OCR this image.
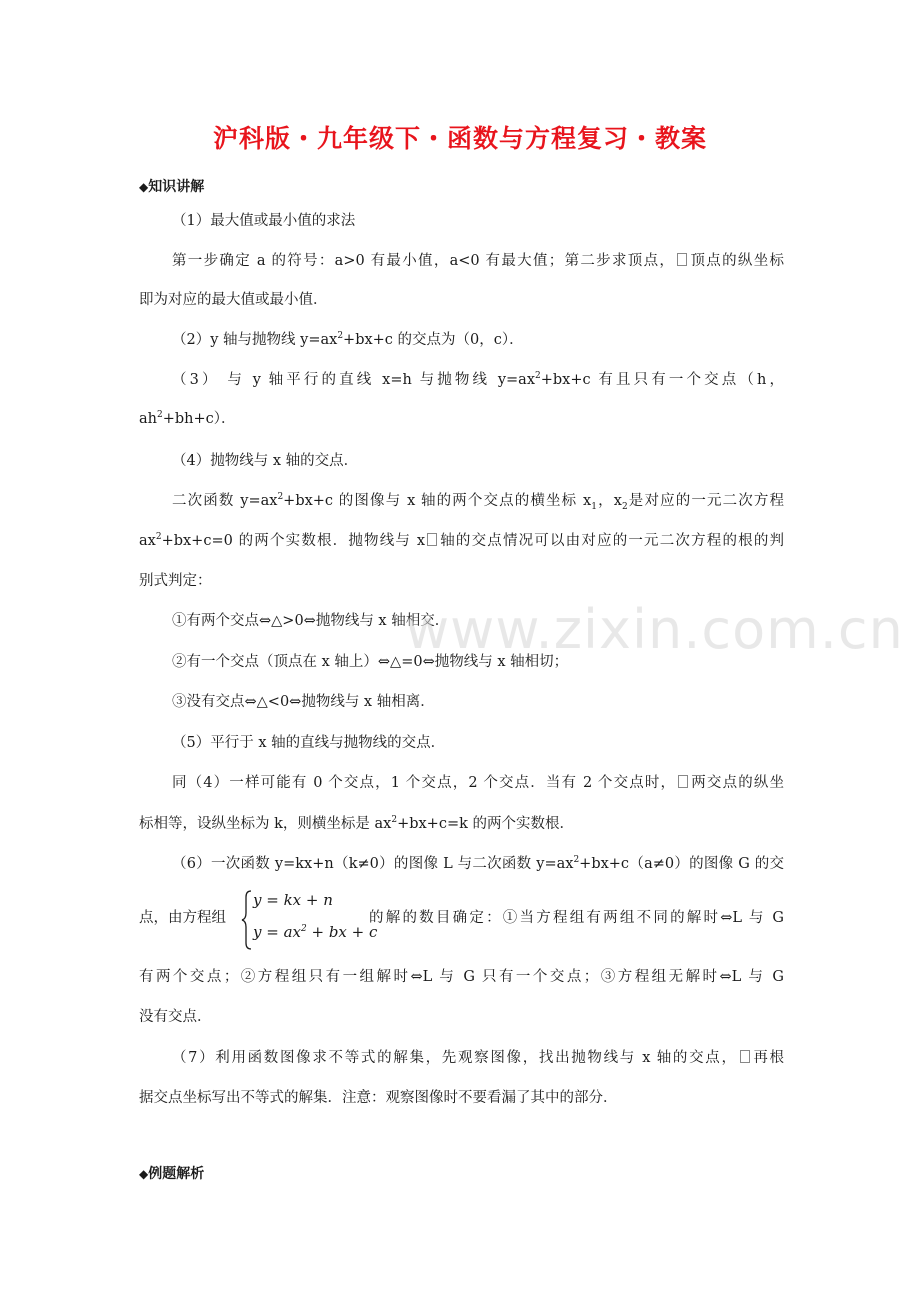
沪科版・九年级下・函数与方程复习・教案
◆知识讲解
（1）最大值或最小值的求法
第一步确定 a 的符号：a>0 有最小值，a<0 有最大值；第二步求顶点， 顶点的纵坐标
即为对应的最大值或最小值．
（2）y 轴与抛物线 $y=ax^2+bx+c$ 的交点为（0，c）．
（3） 与 y 轴平行的直线 x=h 与抛物线 $y=ax^2+bx+c$ 有且只有一个交点（h，
$ah^2+bh+c$）．
（4）抛物线与 x 轴的交点．
二次函数 $y=ax^2+bx+c$ 的图像与 x 轴的两个交点的横坐标 $x_1$，$x_2$是对应的一元二次方程
$ax^2+bx+c=0$ 的两个实数根．抛物线与 x 轴的交点情况可以由对应的一元二次方程的根的判
别式判定：
①有两个交点⇔△>0⇔抛物线与 x 轴相交．
②有一个交点（顶点在 x 轴上）⇔△=0⇔抛物线与 x 轴相切；
③没有交点⇔△<0⇔抛物线与 x 轴相离．
（5）平行于 x 轴的直线与抛物线的交点．
同（4）一样可能有 0 个交点，1 个交点，2 个交点．当有 2 个交点时， 两交点的纵坐
标相等，设纵坐标为 k，则横坐标是 $ax^2+bx+c=k$ 的两个实数根．
（6）一次函数 y=kx+n（k≠0）的图像 L 与二次函数 $y=ax^2+bx+c(a\ne 0)$的图像 G 的交
点，由方程组
y = kx + n
$y = ax^2$ + bx + c
的解的数目确定：①当方程组有两组不同的解时⇔L 与 G
有两个交点；②方程组只有一组解时⇔L 与 G 只有一个交点；③方程组无解时⇔L 与 G
没有交点．
（7）利用函数图像求不等式的解集，先观察图像，找出抛物线与 x 轴的交点， 再根
据交点坐标写出不等式的解集．注意：观察图像时不要看漏了其中的部分．
◆例题解析
www.zixin.com.cn
